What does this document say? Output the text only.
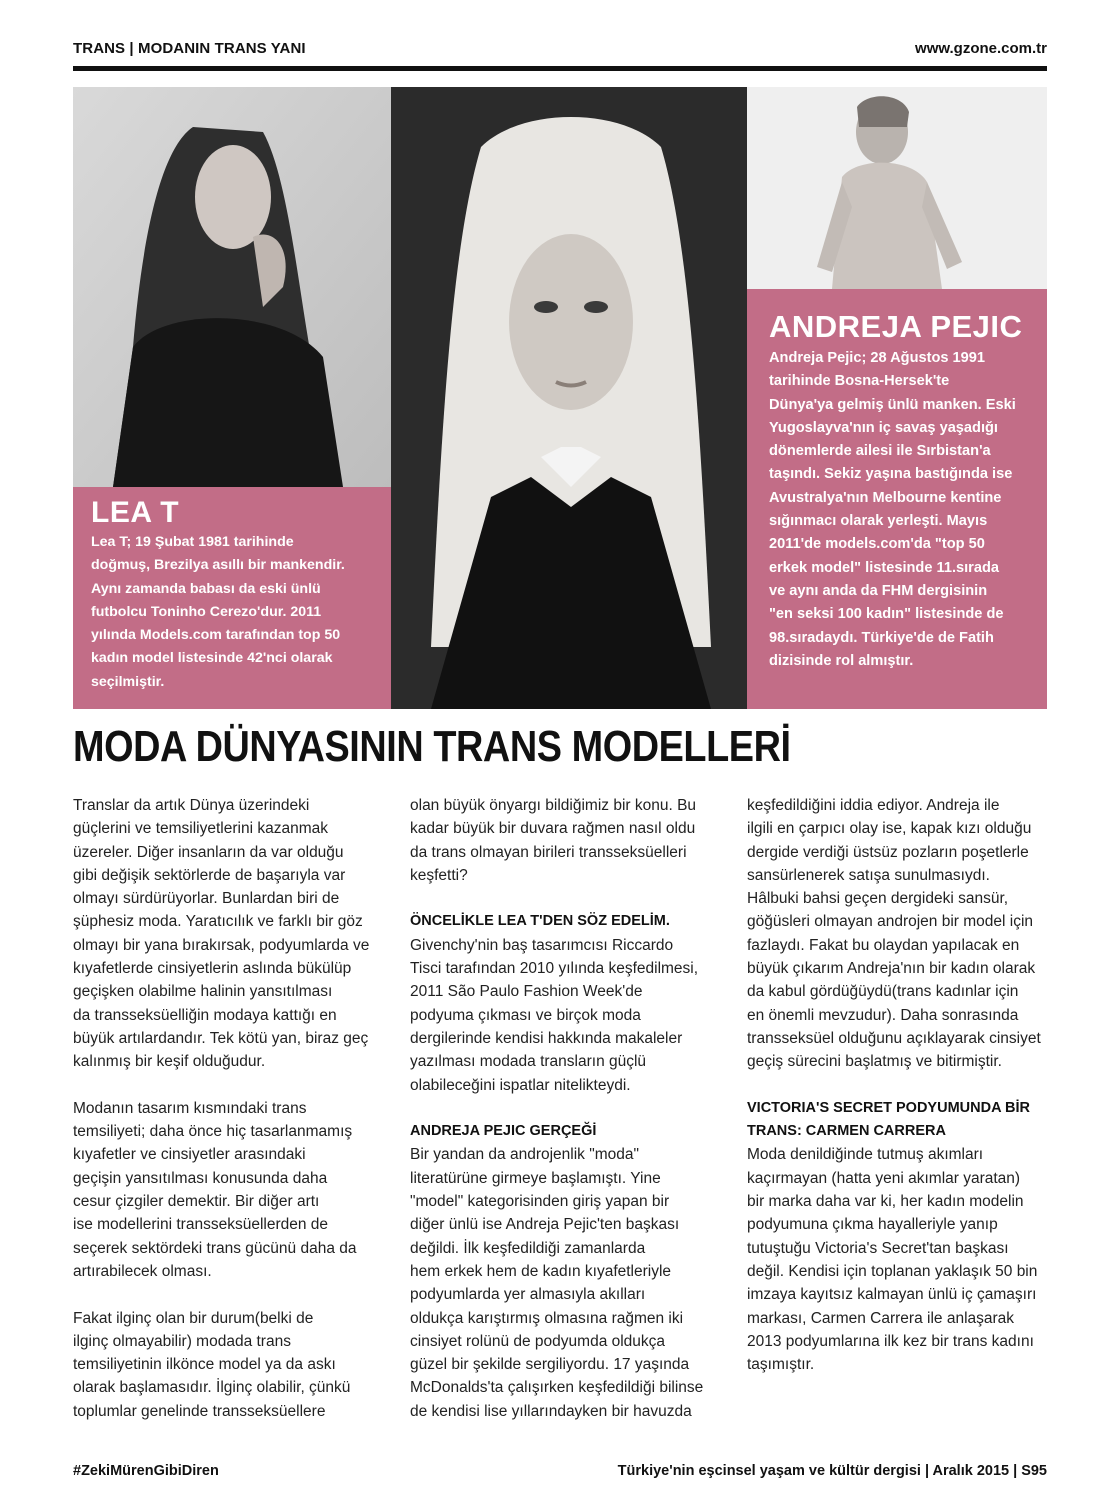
TRANS | MODANIN TRANS YANI	www.gzone.com.tr
LEA T
Lea T; 19 Şubat 1981 tarihinde
doğmuş, Brezilya asıllı bir mankendir.
Aynı zamanda babası da eski ünlü
futbolcu Toninho Cerezo'dur. 2011
yılında Models.com tarafından top 50
kadın model listesinde 42'nci olarak
seçilmiştir.
ANDREJA PEJIC
Andreja Pejic; 28 Ağustos 1991
tarihinde Bosna-Hersek'te
Dünya'ya gelmiş ünlü manken. Eski
Yugoslayva'nın iç savaş yaşadığı
dönemlerde ailesi ile Sırbistan'a
taşındı. Sekiz yaşına bastığında ise
Avustralya'nın Melbourne kentine
sığınmacı olarak yerleşti. Mayıs
2011'de models.com'da "top 50
erkek model" listesinde 11.sırada
ve aynı anda da FHM dergisinin
"en seksi 100 kadın" listesinde de
98.sıradaydı. Türkiye'de de Fatih
dizisinde rol almıştır.
MODA DÜNYASININ TRANS MODELLERİ

Translar da artık Dünya üzerindeki
güçlerini ve temsiliyetlerini kazanmak
üzereler. Diğer insanların da var olduğu
gibi değişik sektörlerde de başarıyla var
olmayı sürdürüyorlar. Bunlardan biri de
şüphesiz moda. Yaratıcılık ve farklı bir göz
olmayı bir yana bırakırsak, podyumlarda ve
kıyafetlerde cinsiyetlerin aslında bükülüp
geçişken olabilme halinin yansıtılması
da transseksüelliğin modaya kattığı en
büyük artılardandır. Tek kötü yan, biraz geç
kalınmış bir keşif olduğudur.

Modanın tasarım kısmındaki trans
temsiliyeti; daha önce hiç tasarlanmamış
kıyafetler ve cinsiyetler arasındaki
geçişin yansıtılması konusunda daha
cesur çizgiler demektir. Bir diğer artı
ise modellerini transseksüellerden de
seçerek sektördeki trans gücünü daha da
artırabilecek olması.

Fakat ilginç olan bir durum(belki de
ilginç olmayabilir) modada trans
temsiliyetinin ilkönce model ya da askı
olarak başlamasıdır. İlginç olabilir, çünkü
toplumlar genelinde transseksüellere

olan büyük önyargı bildiğimiz bir konu. Bu
kadar büyük bir duvara rağmen nasıl oldu
da trans olmayan birileri transseksüelleri
keşfetti?

ÖNCELİKLE LEA T'DEN SÖZ EDELİM.

Givenchy'nin baş tasarımcısı Riccardo
Tisci tarafından 2010 yılında keşfedilmesi,
2011 São Paulo Fashion Week'de
podyuma çıkması ve birçok moda
dergilerinde kendisi hakkında makaleler
yazılması modada transların güçlü
olabileceğini ispatlar nitelikteydi.

ANDREJA PEJIC GERÇEĞİ

Bir yandan da androjenlik "moda"
literatürüne girmeye başlamıştı. Yine
"model" kategorisinden giriş yapan bir
diğer ünlü ise Andreja Pejic'ten başkası
değildi. İlk keşfedildiği zamanlarda
hem erkek hem de kadın kıyafetleriyle
podyumlarda yer almasıyla akılları
oldukça karıştırmış olmasına rağmen iki
cinsiyet rolünü de podyumda oldukça
güzel bir şekilde sergiliyordu. 17 yaşında
McDonalds'ta çalışırken keşfedildiği bilinse
de kendisi lise yıllarındayken bir havuzda

keşfedildiğini iddia ediyor. Andreja ile
ilgili en çarpıcı olay ise, kapak kızı olduğu
dergide verdiği üstsüz pozların poşetlerle
sansürlenerek satışa sunulmasıydı.
Hâlbuki bahsi geçen dergideki sansür,
göğüsleri olmayan androjen bir model için
fazlaydı. Fakat bu olaydan yapılacak en
büyük çıkarım Andreja'nın bir kadın olarak
da kabul gördüğüydü(trans kadınlar için
en önemli mevzudur). Daha sonrasında
transseksüel olduğunu açıklayarak cinsiyet
geçiş sürecini başlatmış ve bitirmiştir.

VICTORIA'S SECRET PODYUMUNDA BİR
TRANS: CARMEN CARRERA

Moda denildiğinde tutmuş akımları
kaçırmayan (hatta yeni akımlar yaratan)
bir marka daha var ki, her kadın modelin
podyumuna çıkma hayalleriyle yanıp
tutuştuğu Victoria's Secret'tan başkası
değil. Kendisi için toplanan yaklaşık 50 bin
imzaya kayıtsız kalmayan ünlü iç çamaşırı
markası, Carmen Carrera ile anlaşarak
2013 podyumlarına ilk kez bir trans kadını
taşımıştır.

#ZekiMürenGibiDiren	Türkiye'nin eşcinsel yaşam ve kültür dergisi | Aralık 2015 | S95
